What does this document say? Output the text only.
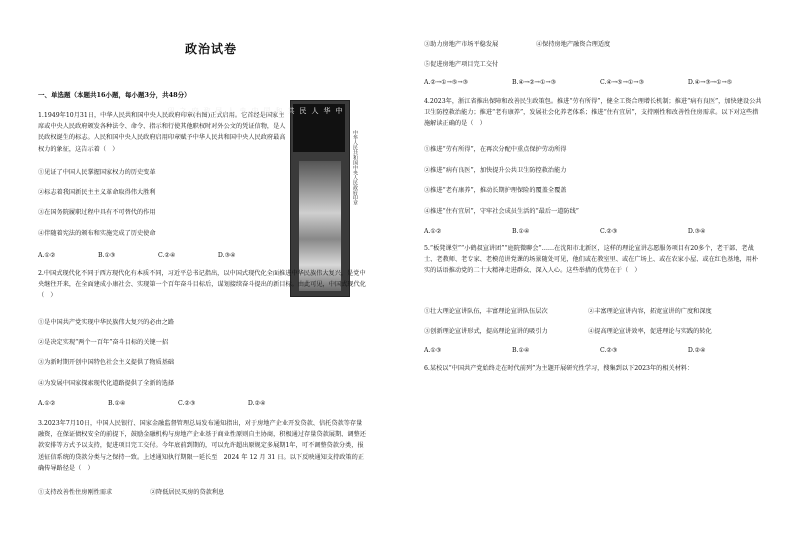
政治试卷
一、单选题（本题共16小题，每小题3分，共48分）
1.1949年10月31日，中华人民共和国中央人民政府印章(右图)正式启用。它首经是国家主席或中央人民政府颁发各种法令、命令、指示和行使其他职权时对外公文的凭证信物，是人民政权诞生的标志。人民和国中央人民政府启用印章赋予中华人民共和国中央人民政府最高权力的象征，这告示着（　）
中华人民共和国中央人民政府之印
中华人民共和国中央人民政府印章
①见证了中国人民掌握国家权力的历史变革
②标志着我国新民主主义革命取得伟大胜利
③在国务院履职过程中具有不可替代的作用
④伴随着宪法的颁布和实施完成了历史使命
A.①②	B.①③	C.②④	D.③④
2.中国式现代化不同于西方现代化有本质不同，习近平总书记指出，以中国式现代化全面推进中华民族伟大复兴，是党中央继往开来，在全面建成小康社会、实现第一个百年奋斗目标后，谋划接续奋斗提出的新目标。由此可见，中国式现代化（　）
①是中国共产党实现中华民族伟大复兴的必由之路
②是决定实现“两个一百年”奋斗目标的关键一招
③为新时期开创中国特色社会主义提供了物质基础
④为发展中国家探索现代化道路提供了全新的选择
A.①②	B.①④	C.②③	D.②④
3.2023年7月10日，中国人民银行、国家金融监督管理总局发布通知指出，对于房地产企业开发贷款、信托贷款等存量融资，在保证债权安全的前提下，鼓励金融机构与房地产企业基于商业性原则自主协商，积极通过存量贷款展期、调整还款安排等方式予以支持，促进项目完工交付。今年底前到期的，可以允许超出原规定多展期1年，可不调整贷款分类，报送征信系统的贷款分类与之保持一致。上述通知执行期限一延长至　2024 年 12 月 31 日。以下反映通知支持政策的正确传导路径是（　）
①支持改善性住房刚性需求	②降低居民买房的贷款利息
③助力房地产市场平稳发展	④保持房地产融资合理适度
⑤促进房地产项目完工交付
A.②→①→⑤→③	B.④→②→①→③	C.④→⑤→①→③	D.④→③→①→⑤
4.2023年，浙江省推出保障和改善民生政策包。推进“劳有所得”，健全工资合理增长机制；推进“病有良医”，加快建设公共卫生防控救治能力；推进“老有康养”，发展社会化养老体系；推进“住有宜居”，支持刚性和改善性住房需求。以下对这些措施解读正确的是（　）
①推进“劳有所得”，在再次分配中重点保护劳动所得
②推进“病有良医”，加快提升公共卫生防控救治能力
③推进“老有康养”，推动长期护理保险的覆盖全覆盖
④推进“住有宜居”，守牢社会成员生活的“最后一道防线”
A.①②	B.①④	C.②③	D.③④
5.“板凳课堂”“小鹤叔宣讲团”“庭院微聊会”……在沈阳市北新区，这样的理论宣讲志愿服务项目有20多个，老干部、老战士、老教师、老专家、老模范讲党课的场景随处可见，他们或在教室里、或在广场上、或在农家小屋、或在红色基地，用朴实的话语推动党的二十大精神走进群众、深入人心。这些举措的优势在于（　）
①壮大理论宣讲队伍，丰富理论宣讲队伍层次	②丰富理论宣讲内容，拓宽宣讲的广度和深度
③创新理论宣讲形式，提高理论宣讲的吸引力	④提高理论宣讲效率，促进理论与实践的转化
A.①③	B.①④	C.②③	D.②④
6.某校以“中国共产党始终走在时代前列”为主题开展研究性学习，搜集到以下2023年的相关材料：
